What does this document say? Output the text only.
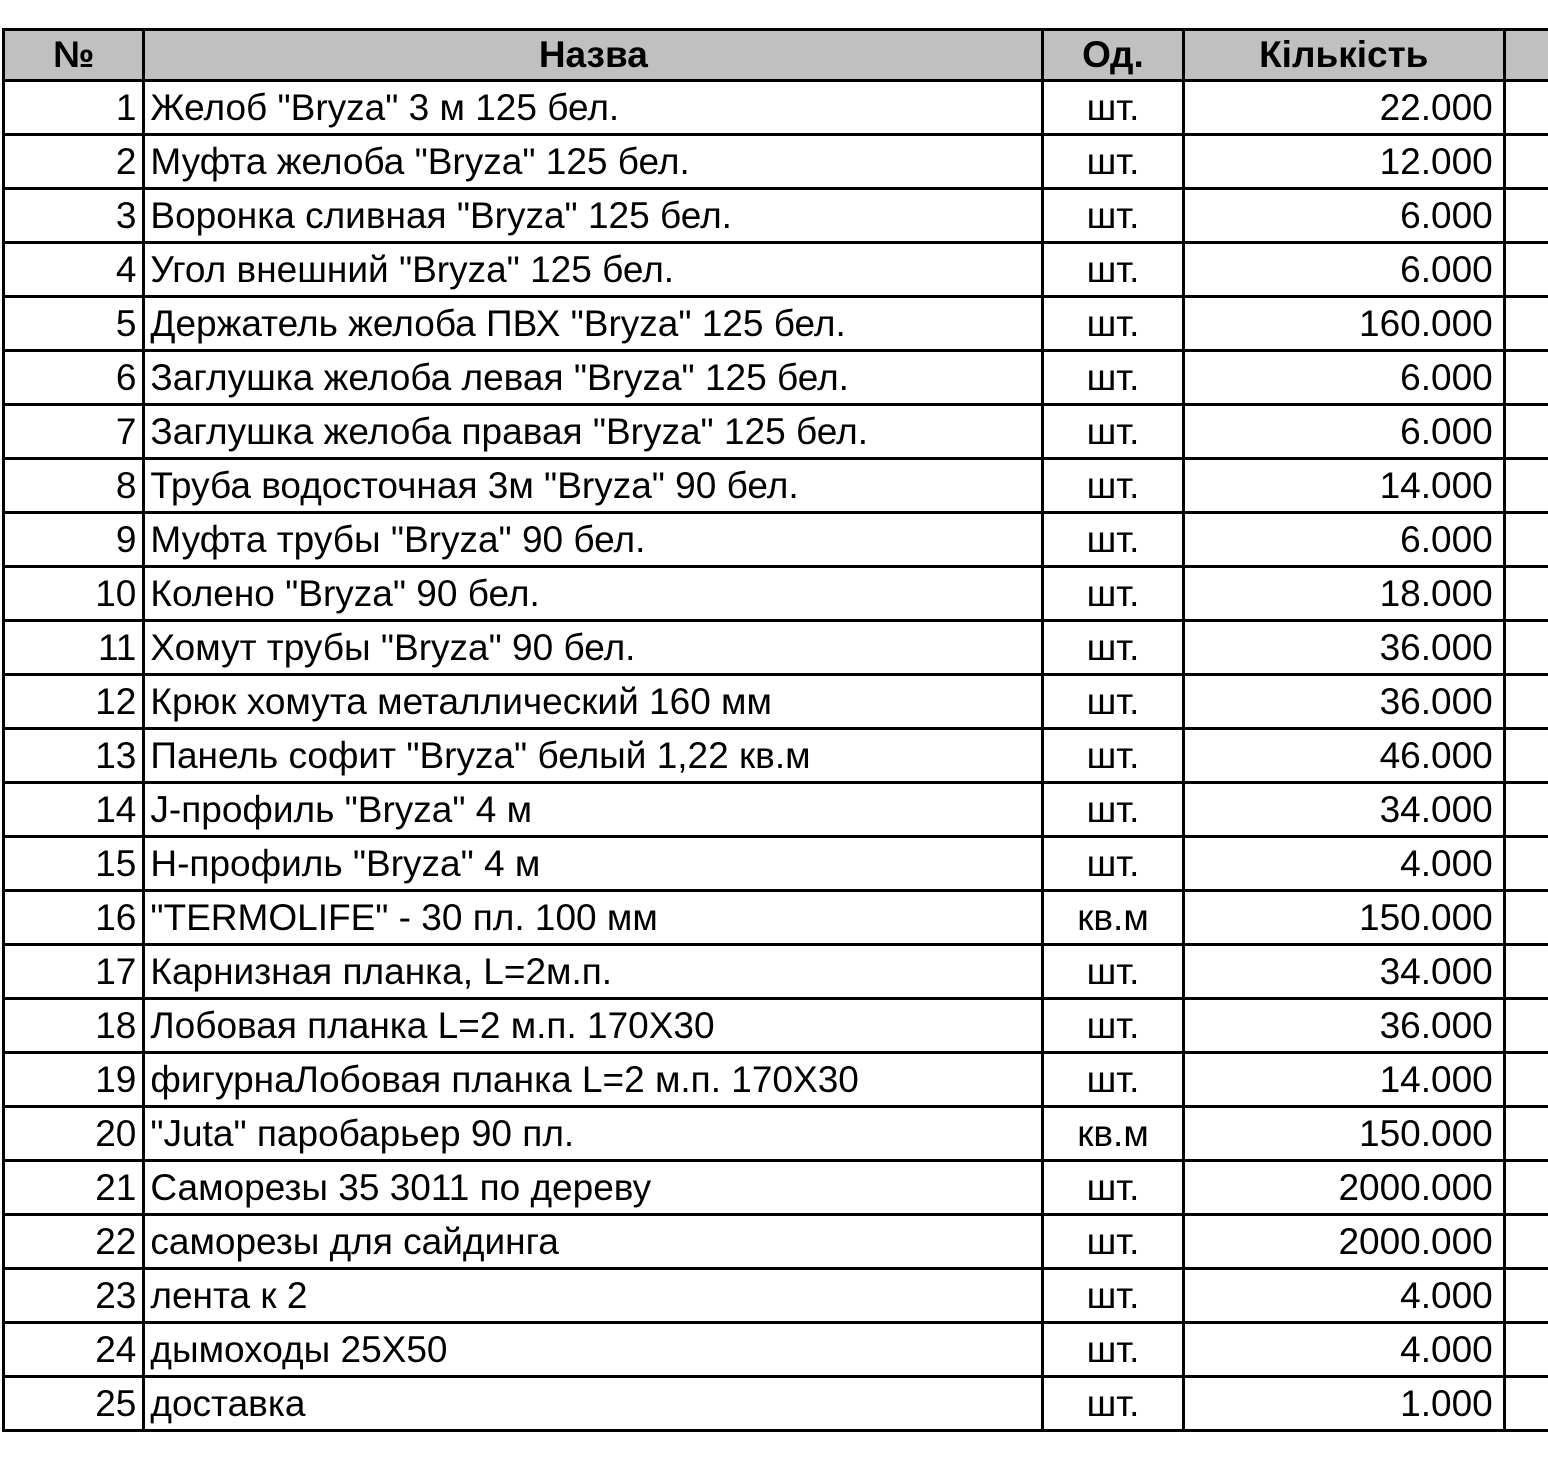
№	Назва	Од.	Кількість	
1	Желоб "Bryza" 3 м 125 бел.	шт.	22.000	
2	Муфта желоба "Bryza" 125 бел.	шт.	12.000	
3	Воронка сливная "Bryza" 125 бел.	шт.	6.000	
4	Угол внешний "Bryza" 125 бел.	шт.	6.000	
5	Держатель желоба ПВХ "Bryza" 125 бел.	шт.	160.000	
6	Заглушка желоба левая "Bryza" 125 бел.	шт.	6.000	
7	Заглушка желоба правая "Bryza" 125 бел.	шт.	6.000	
8	Труба водосточная 3м "Bryza" 90 бел.	шт.	14.000	
9	Муфта трубы "Bryza" 90 бел.	шт.	6.000	
10	Колено "Bryza" 90 бел.	шт.	18.000	
11	Хомут трубы "Bryza" 90 бел.	шт.	36.000	
12	Крюк хомута металлический 160 мм	шт.	36.000	
13	Панель софит "Bryza" белый 1,22 кв.м	шт.	46.000	
14	J-профиль "Bryza" 4 м	шт.	34.000	
15	H-профиль "Bryza" 4 м	шт.	4.000	
16	"TERMOLIFE" - 30 пл. 100 мм	кв.м	150.000	
17	Карнизная планка, L=2м.п.	шт.	34.000	
18	Лобовая планка L=2 м.п. 170Х30	шт.	36.000	
19	фигурнаЛобовая планка L=2 м.п. 170Х30	шт.	14.000	
20	"Juta" паробарьер 90 пл.	кв.м	150.000	
21	Саморезы 35 3011 по дереву	шт.	2000.000	
22	саморезы для сайдинга	шт.	2000.000	
23	лента к 2	шт.	4.000	
24	дымоходы 25Х50	шт.	4.000	
25	доставка	шт.	1.000	
